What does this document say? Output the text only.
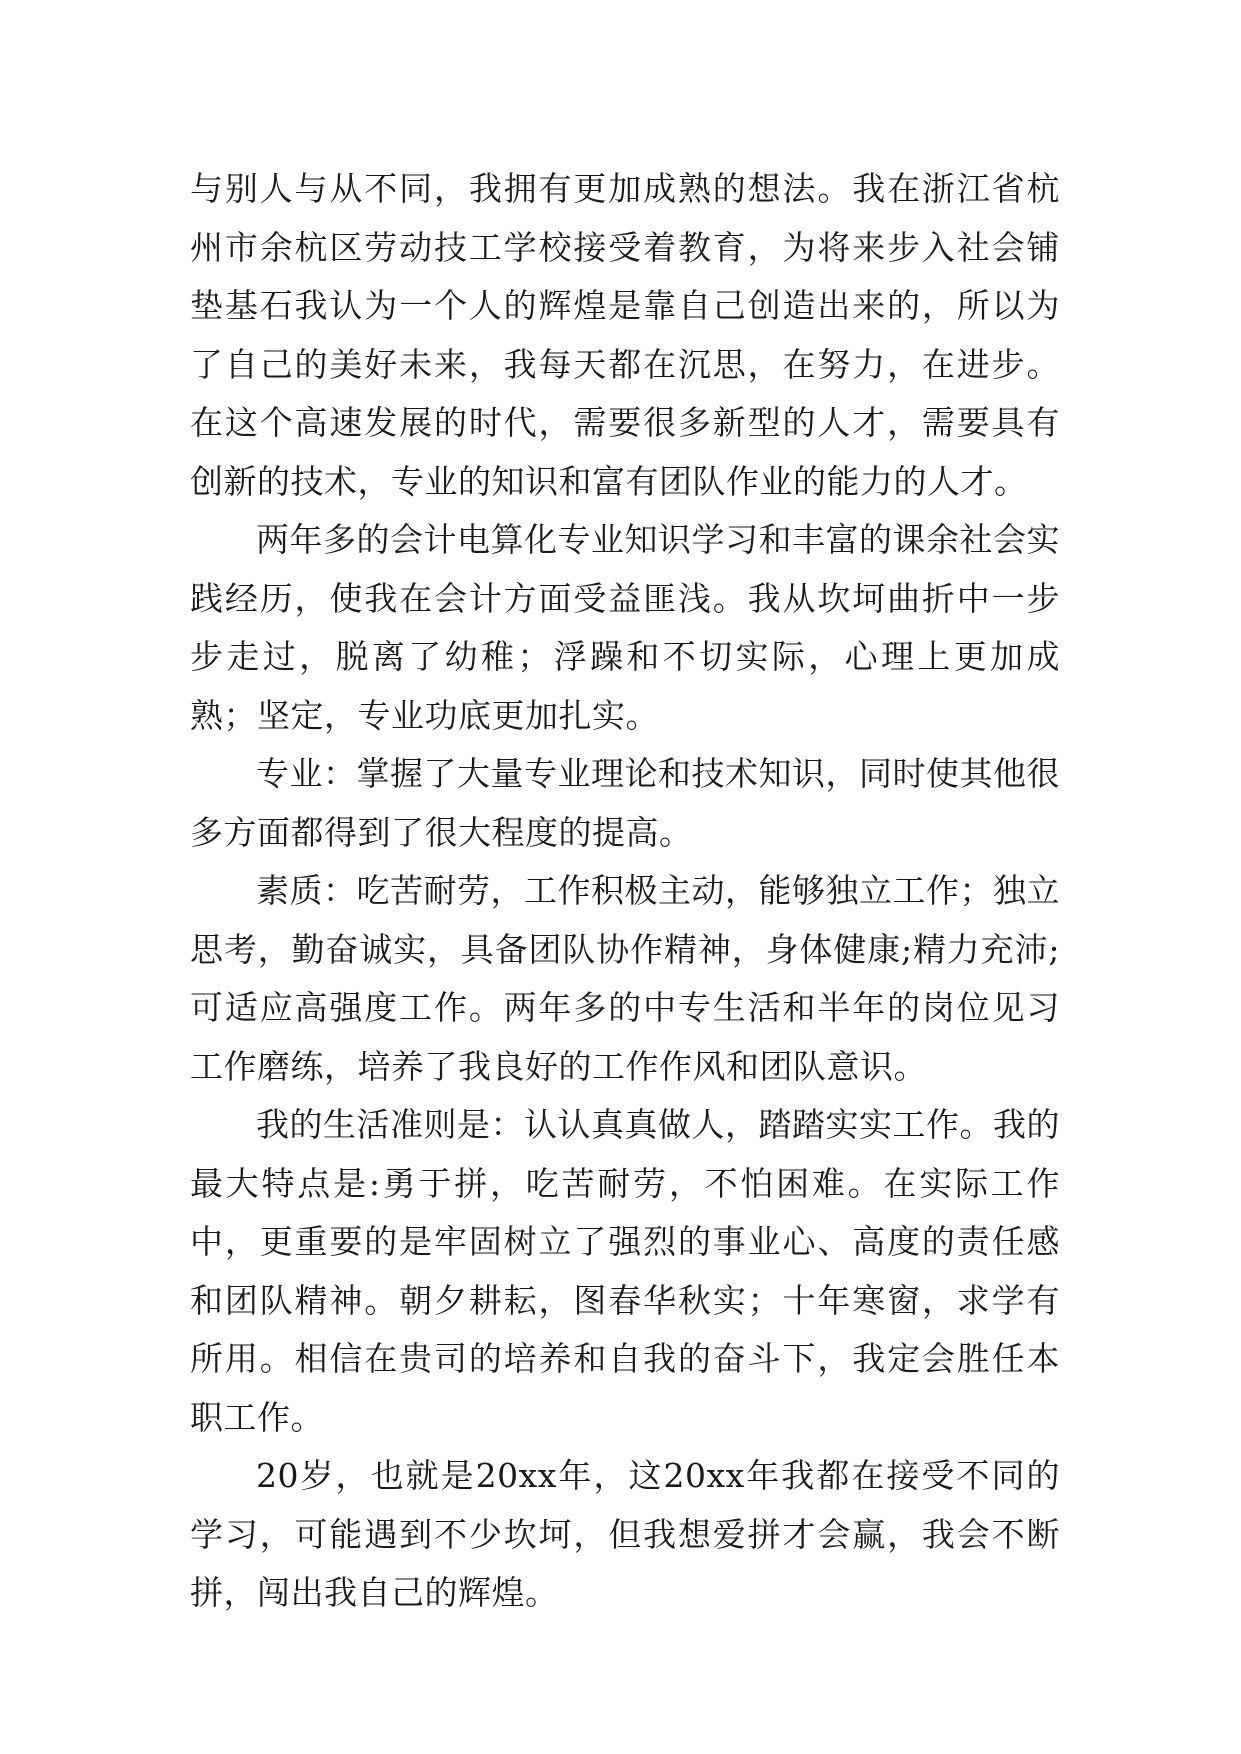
与别人与从不同，我拥有更加成熟的想法。我在浙江省杭州市余杭区劳动技工学校接受着教育，为将来步入社会铺垫基石我认为一个人的辉煌是靠自己创造出来的，所以为了自己的美好未来，我每天都在沉思，在努力，在进步。在这个高速发展的时代，需要很多新型的人才，需要具有创新的技术，专业的知识和富有团队作业的能力的人才。

两年多的会计电算化专业知识学习和丰富的课余社会实践经历，使我在会计方面受益匪浅。我从坎坷曲折中一步步走过，脱离了幼稚；浮躁和不切实际，心理上更加成熟；坚定，专业功底更加扎实。

专业：掌握了大量专业理论和技术知识，同时使其他很多方面都得到了很大程度的提高。

素质：吃苦耐劳，工作积极主动，能够独立工作；独立思考，勤奋诚实，具备团队协作精神，身体健康;精力充沛;可适应高强度工作。两年多的中专生活和半年的岗位见习工作磨练，培养了我良好的工作作风和团队意识。

我的生活准则是：认认真真做人，踏踏实实工作。我的最大特点是:勇于拼，吃苦耐劳，不怕困难。在实际工作中，更重要的是牢固树立了强烈的事业心、高度的责任感和团队精神。朝夕耕耘，图春华秋实；十年寒窗，求学有所用。相信在贵司的培养和自我的奋斗下，我定会胜任本职工作。

20岁，也就是20xx年，这20xx年我都在接受不同的学习，可能遇到不少坎坷，但我想爱拼才会赢，我会不断拼，闯出我自己的辉煌。
